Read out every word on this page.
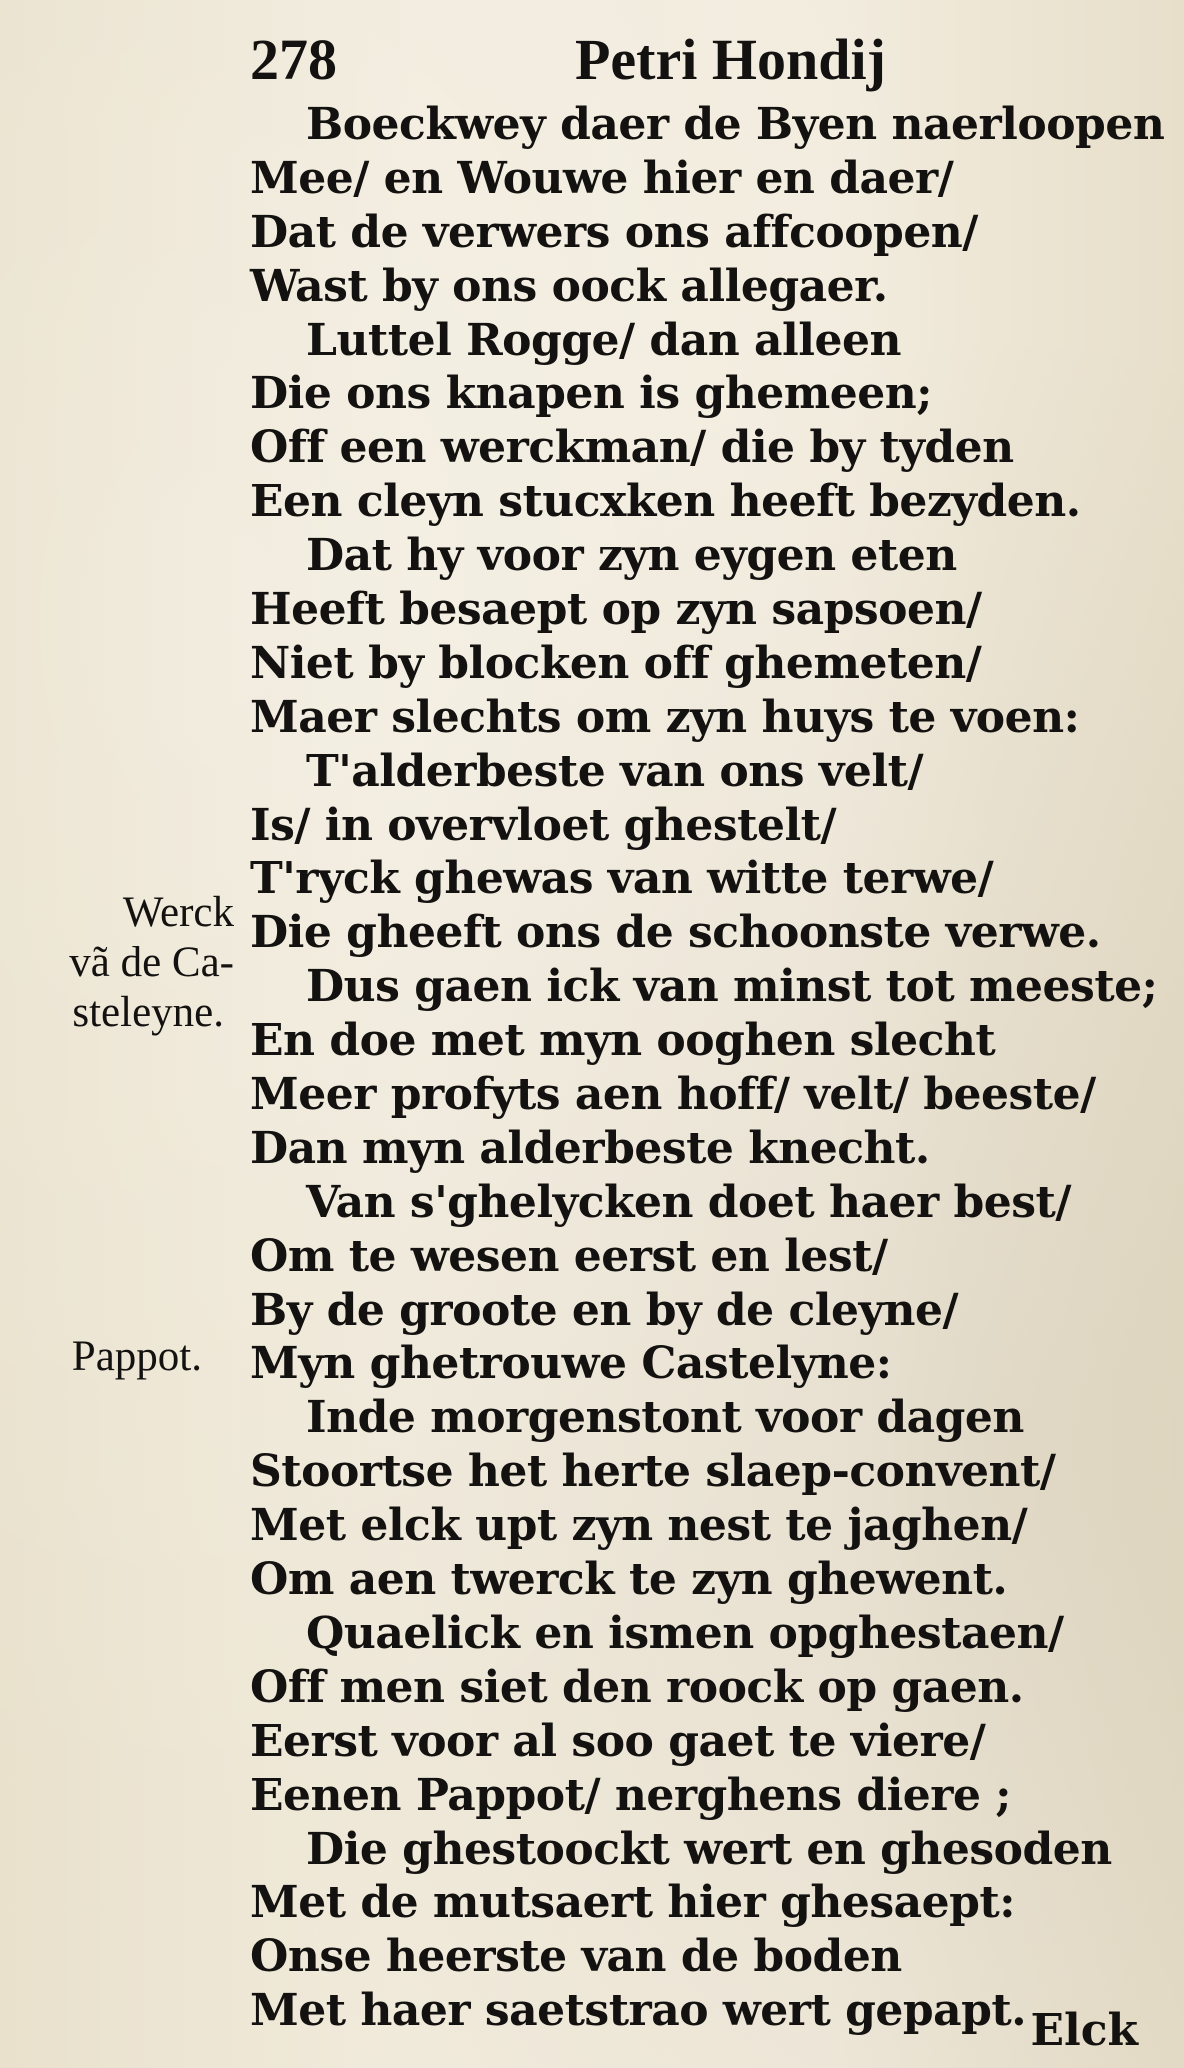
278	Petri Hondij
Werck
vã de Ca-
steleyne.
Pappot.
Boeckwey daer de Byen naerloopen
Mee/ en Wouwe hier en daer/
Dat de verwers ons affcoopen/
Wast by ons oock allegaer.
Luttel Rogge/ dan alleen
Die ons knapen is ghemeen;
Off een werckman/ die by tyden
Een cleyn stucxken heeft bezyden.
Dat hy voor zyn eygen eten
Heeft besaept op zyn sapsoen/
Niet by blocken off ghemeten/
Maer slechts om zyn huys te voen:
T'alderbeste van ons velt/
Is/ in overvloet ghestelt/
T'ryck ghewas van witte terwe/
Die gheeft ons de schoonste verwe.
Dus gaen ick van minst tot meeste;
En doe met myn ooghen slecht
Meer profyts aen hoff/ velt/ beeste/
Dan myn alderbeste knecht.
Van s'ghelycken doet haer best/
Om te wesen eerst en lest/
By de groote en by de cleyne/
Myn ghetrouwe Castelyne:
Inde morgenstont voor dagen
Stoortse het herte slaep-convent/
Met elck upt zyn nest te jaghen/
Om aen twerck te zyn ghewent.
Quaelick en ismen opghestaen/
Off men siet den roock op gaen.
Eerst voor al soo gaet te viere/
Eenen Pappot/ nerghens diere ;
Die ghestoockt wert en ghesoden
Met de mutsaert hier ghesaept:
Onse heerste van de boden
Met haer saetstrao wert gepapt. Elck
